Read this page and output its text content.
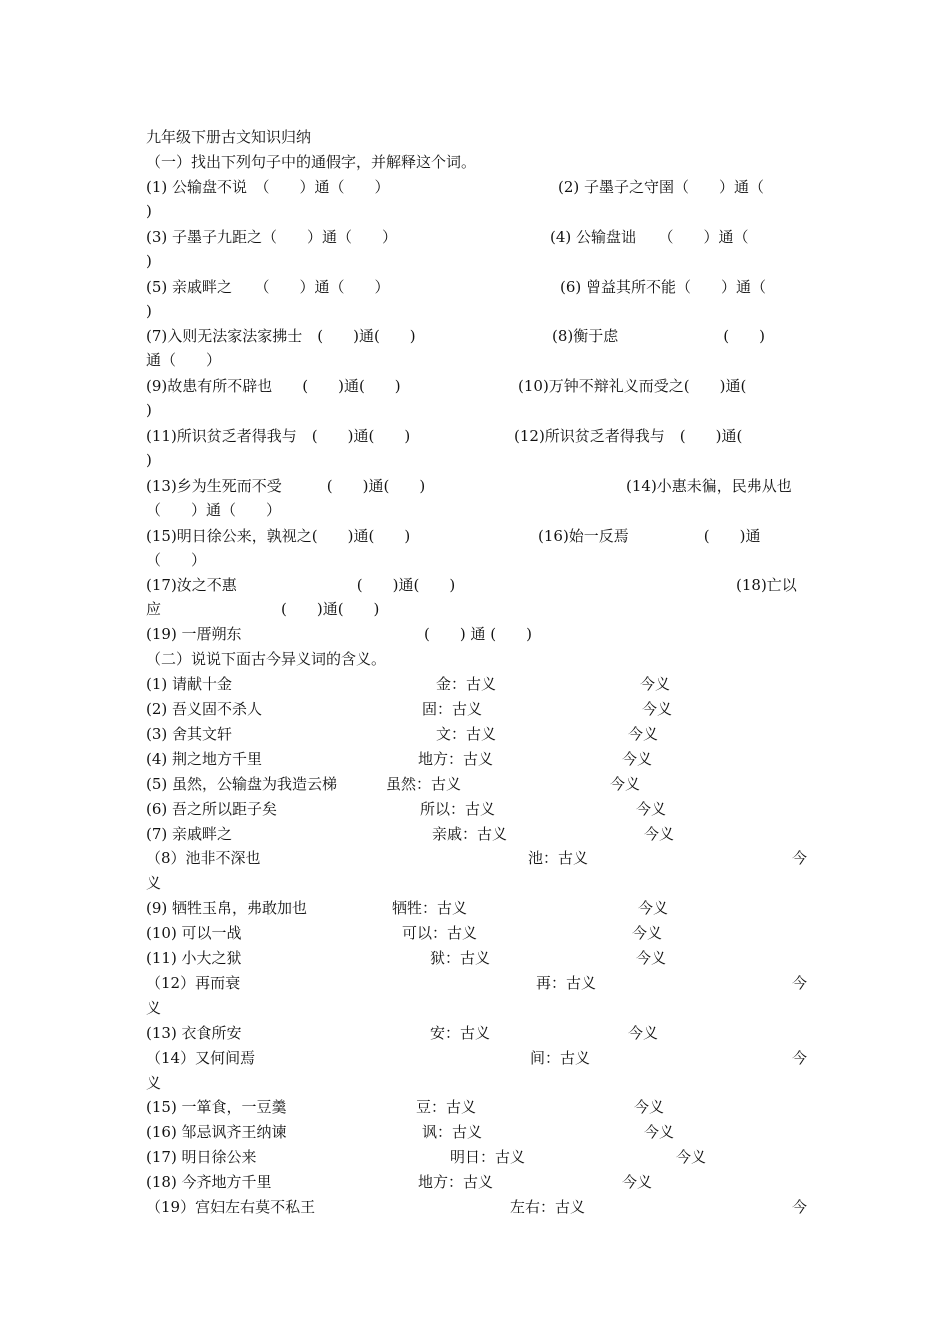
九年级下册古文知识归纳
（一）找出下列句子中的通假字，并解释这个词。
(1) 公输盘不说　（　　）通（　　）	(2) 子墨子之守圉（　　）通（
)
(3) 子墨子九距之（　　）通（　　）	(4) 公输盘诎　　（　　）通（
)
(5) 亲戚畔之　　（　　）通（　　）	(6) 曾益其所不能（　　）通（
)
(7)入则无法家法家拂士　(　　)通(　　)	(8)衡于虑　　　　　　　(　　)
通（　　）
(9)故患有所不辟也　　(　　)通(　　)	(10)万钟不辩礼义而受之(　　)通(
)
(11)所识贫乏者得我与　(　　)通(　　)	(12)所识贫乏者得我与　(　　)通(
)
(13)乡为生死而不受　　　(　　)通(　　)	(14)小惠未徧，民弗从也
（　　）通（　　）
(15)明日徐公来，孰视之(　　)通(　　)	(16)始一反焉　　　　　(　　)通
（　　）
(17)汝之不惠　　　　　　　　(　　)通(　　)	(18)亡以
应　　　　　　　　(　　)通(　　)
(19) 一厝朔东	(　　) 通 (　　)
（二）说说下面古今异义词的含义。
(1) 请献十金	金：古义	今义
(2) 吾义固不杀人	固：古义	今义
(3) 舍其文轩	文：古义	今义
(4) 荆之地方千里	地方：古义	今义
(5) 虽然，公输盘为我造云梯	虽然：古义	今义
(6) 吾之所以距子矣	所以：古义	今义
(7) 亲戚畔之	亲戚：古义	今义
（8）池非不深也	池：古义	今
义
(9) 牺牲玉帛，弗敢加也	牺牲：古义	今义
(10) 可以一战	可以：古义	今义
(11) 小大之狱	狱：古义	今义
（12）再而衰	再：古义	今
义
(13) 衣食所安	安：古义	今义
（14）又何间焉	间：古义	今
义
(15) 一箪食，一豆羹	豆：古义	今义
(16) 邹忌讽齐王纳谏	讽：古义	今义
(17) 明日徐公来	明日：古义	今义
(18) 今齐地方千里	地方：古义	今义
（19）宫妇左右莫不私王	左右：古义	今
